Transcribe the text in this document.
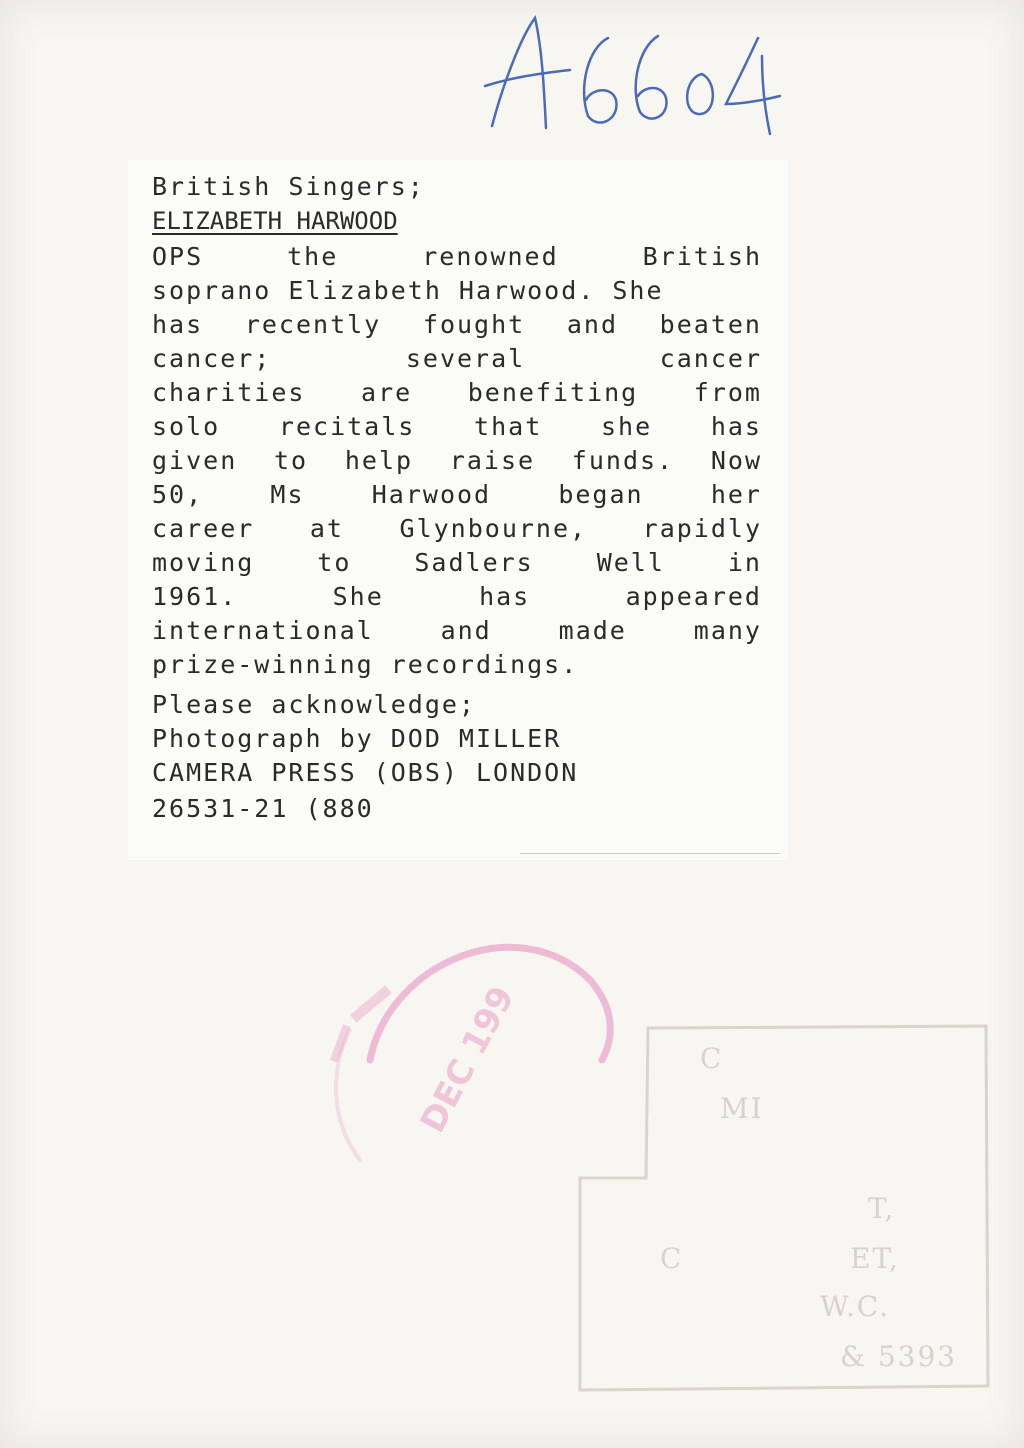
British Singers;
ELIZABETH HARWOOD
OPS	the	renowned	British
soprano Elizabeth Harwood. She
has recently fought and beaten
cancer;	several	cancer
charities are benefiting from
solo recitals that she has
given to help raise funds. Now
50,	Ms	Harwood	began	her
career at Glynbourne, rapidly
moving	to	Sadlers	Well	in
1961.	She	has	appeared
international	and	made	many
prize-winning recordings.
Please acknowledge;
Photograph by DOD MILLER
CAMERA PRESS (OBS) LONDON
26531-21 (880
DEC 199	C
MI
T,
C	ET,
W.C.
& 5393
